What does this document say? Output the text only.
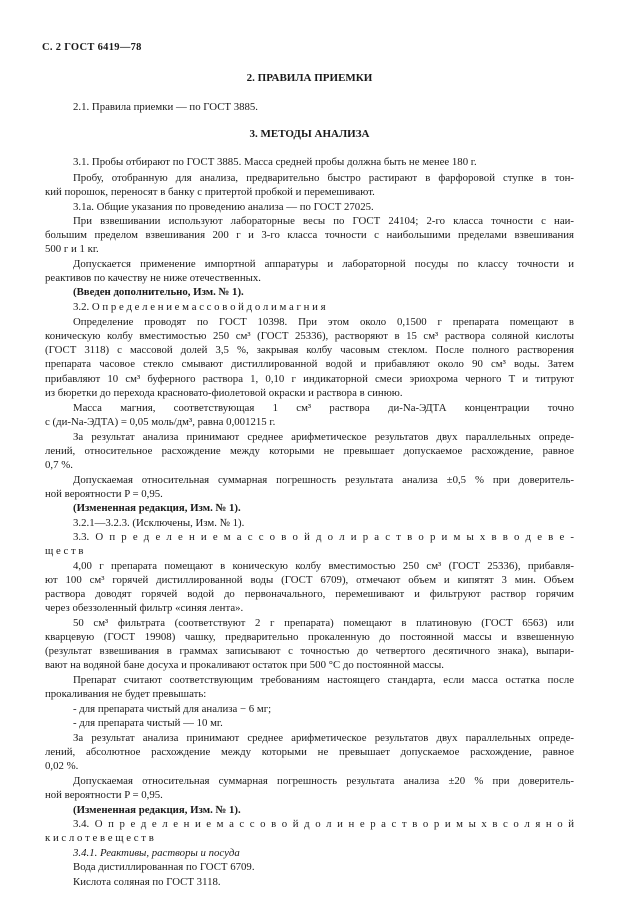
С. 2 ГОСТ 6419—78
2. ПРАВИЛА ПРИЕМКИ
2.1. Правила приемки — по ГОСТ 3885.
3. МЕТОДЫ АНАЛИЗА
3.1. Пробы отбирают по ГОСТ 3885. Масса средней пробы должна быть не менее 180 г.
Пробу, отобранную для анализа, предварительно быстро растирают в фарфоровой ступке в тон-
кий порошок, переносят в банку с притертой пробкой и перемешивают.
3.1а. Общие указания по проведению анализа — по ГОСТ 27025.
При взвешивании используют лабораторные весы по ГОСТ 24104; 2-го класса точности с наи-
большим пределом взвешивания 200 г и 3-го класса точности с наибольшими пределами взвешивания
500 г и 1 кг.
Допускается применение импортной аппаратуры и лабораторной посуды по классу точности и
реактивов по качеству не ниже отечественных.
(Введен дополнительно, Изм. № 1).
3.2. О п р е д е л е н и е м а с с о в о й д о л и м а г н и я
Определение проводят по ГОСТ 10398. При этом около 0,1500 г препарата помещают в
коническую колбу вместимостью 250 см³ (ГОСТ 25336), растворяют в 15 см³ раствора соляной кислоты
(ГОСТ 3118) с массовой долей 3,5 %, закрывая колбу часовым стеклом. После полного растворения
препарата часовое стекло смывают дистиллированной водой и прибавляют около 90 см³ воды. Затем
прибавляют 10 см³ буферного раствора 1, 0,10 г индикаторной смеси эриохрома черного Т и титруют
из бюретки до перехода красновато-фиолетовой окраски и раствора в синюю.
Масса магния, соответствующая 1 см³ раствора ди-Na-ЭДТА концентрации точно
c (ди-Na-ЭДТА) = 0,05 моль/дм³, равна 0,001215 г.
За результат анализа принимают среднее арифметическое результатов двух параллельных опреде-
лений, относительное расхождение между которыми не превышает допускаемое расхождение, равное
0,7 %.
Допускаемая относительная суммарная погрешность результата анализа ±0,5 % при доверитель-
ной вероятности P = 0,95.
(Измененная редакция, Изм. № 1).
3.2.1—3.2.3. (Исключены, Изм. № 1).
3.3. О п р е д е л е н и е м а с с о в о й д о л и р а с т в о р и м ы х в в о д е в е -
щ е с т в
4,00 г препарата помещают в коническую колбу вместимостью 250 см³ (ГОСТ 25336), прибавля-
ют 100 см³ горячей дистиллированной воды (ГОСТ 6709), отмечают объем и кипятят 3 мин. Объем
раствора доводят горячей водой до первоначального, перемешивают и фильтруют раствор горячим
через обеззоленный фильтр «синяя лента».
50 см³ фильтрата (соответствуют 2 г препарата) помещают в платиновую (ГОСТ 6563) или
кварцевую (ГОСТ 19908) чашку, предварительно прокаленную до постоянной массы и взвешенную
(результат взвешивания в граммах записывают с точностью до четвертого десятичного знака), выпари-
вают на водяной бане досуха и прокаливают остаток при 500 °С до постоянной массы.
Препарат считают соответствующим требованиям настоящего стандарта, если масса остатка после
прокаливания не будет превышать:
- для препарата чистый для анализа − 6 мг;
- для препарата чистый — 10 мг.
За результат анализа принимают среднее арифметическое результатов двух параллельных опреде-
лений, абсолютное расхождение между которыми не превышает допускаемое расхождение, равное
0,02 %.
Допускаемая относительная суммарная погрешность результата анализа ±20 % при доверитель-
ной вероятности P = 0,95.
(Измененная редакция, Изм. № 1).
3.4. О п р е д е л е н и е м а с с о в о й д о л и н е р а с т в о р и м ы х в с о л я н о й
к и с л о т е в е щ е с т в
3.4.1. Реактивы, растворы и посуда
Вода дистиллированная по ГОСТ 6709.
Кислота соляная по ГОСТ 3118.
